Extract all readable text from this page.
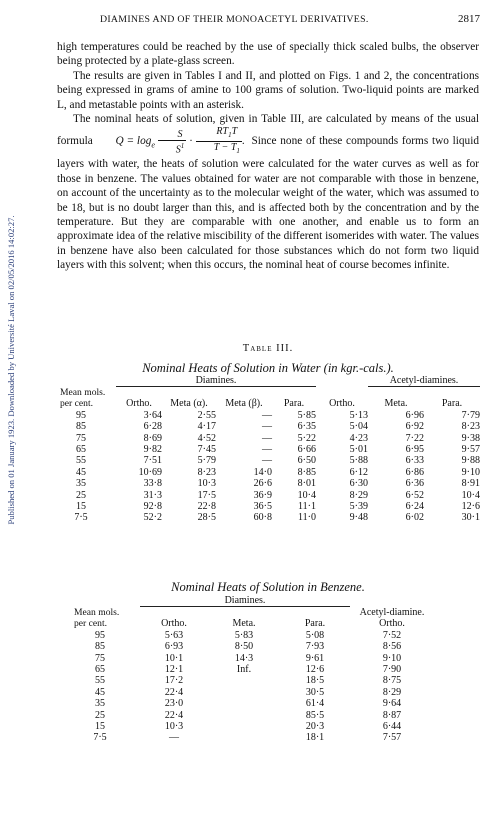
Published on 01 January 1923. Downloaded by Université Laval on 02/05/2016 14:02:27.
DIAMINES AND OF THEIR MONOACETYL DERIVATIVES.	2817

high temperatures could be reached by the use of specially thick scaled bulbs, the observer being protected by a plate-glass screen.

The results are given in Tables I and II, and plotted on Figs. 1 and 2, the concentrations being expressed in grams of amine to 100 grams of solution. Two-liquid points are marked L, and metastable points with an asterisk.

The nominal heats of solution, given in Table III, are calculated by means of the usual formula $Q = \log_e \frac{S}{S^1} \cdot \frac{RT_1T}{T - T_1}$ . Since none of these compounds forms two liquid layers with water, the heats of solution were calculated for the water curves as well as for those in benzene. The values obtained for water are not comparable with those in benzene, on account of the uncertainty as to the molecular weight of the water, which was assumed to be 18, but is no doubt larger than this, and is affected both by the concentration and by the temperature. But they are comparable with one another, and enable us to form an approximate idea of the relative miscibility of the different isomerides with water. The values in benzene have also been calculated for those substances which do not form two liquid layers with this solvent; when this occurs, the nominal heat of course becomes infinite.

Table III.
Nominal Heats of Solution in Water (in kgr.-cals.).
	Diamines.					Acetyl-diamines.	
Mean mols.							
per cent.	Ortho.	Meta (α).	Meta (β).	Para.	Ortho.	Meta.	Para.
95	3·64	2·55	—	5·85	5·13	6·96	7·79
85	6·28	4·17	—	6·35	5·04	6·92	8·23
75	8·69	4·52	—	5·22	4·23	7·22	9·38
65	9·82	7·45	—	6·66	5·01	6·95	9·57
55	7·51	5·79	—	6·50	5·88	6·33	9·88
45	10·69	8·23	14·0	8·85	6·12	6·86	9·10
35	33·8	10·3	26·6	8·01	6·30	6·36	8·91
25	31·3	17·5	36·9	10·4	8·29	6·52	10·4
15	92·8	22·8	36·5	11·1	5·39	6·24	12·6
7·5	52·2	28·5	60·8	11·0	9·48	6·02	30·1
Nominal Heats of Solution in Benzene.
	Diamines.			
Mean mols.				Acetyl-diamine.
per cent.	Ortho.	Meta.	Para.	Ortho.
95	5·63	5·83	5·08	7·52
85	6·93	8·50	7·93	8·56
75	10·1	14·3	9·61	9·10
65	12·1	Inf.	12·6	7·90
55	17·2		18·5	8·75
45	22·4		30·5	8·29
35	23·0		61·4	9·64
25	22·4		85·5	8·87
15	10·3		20·3	6·44
7·5	—		18·1	7·57
